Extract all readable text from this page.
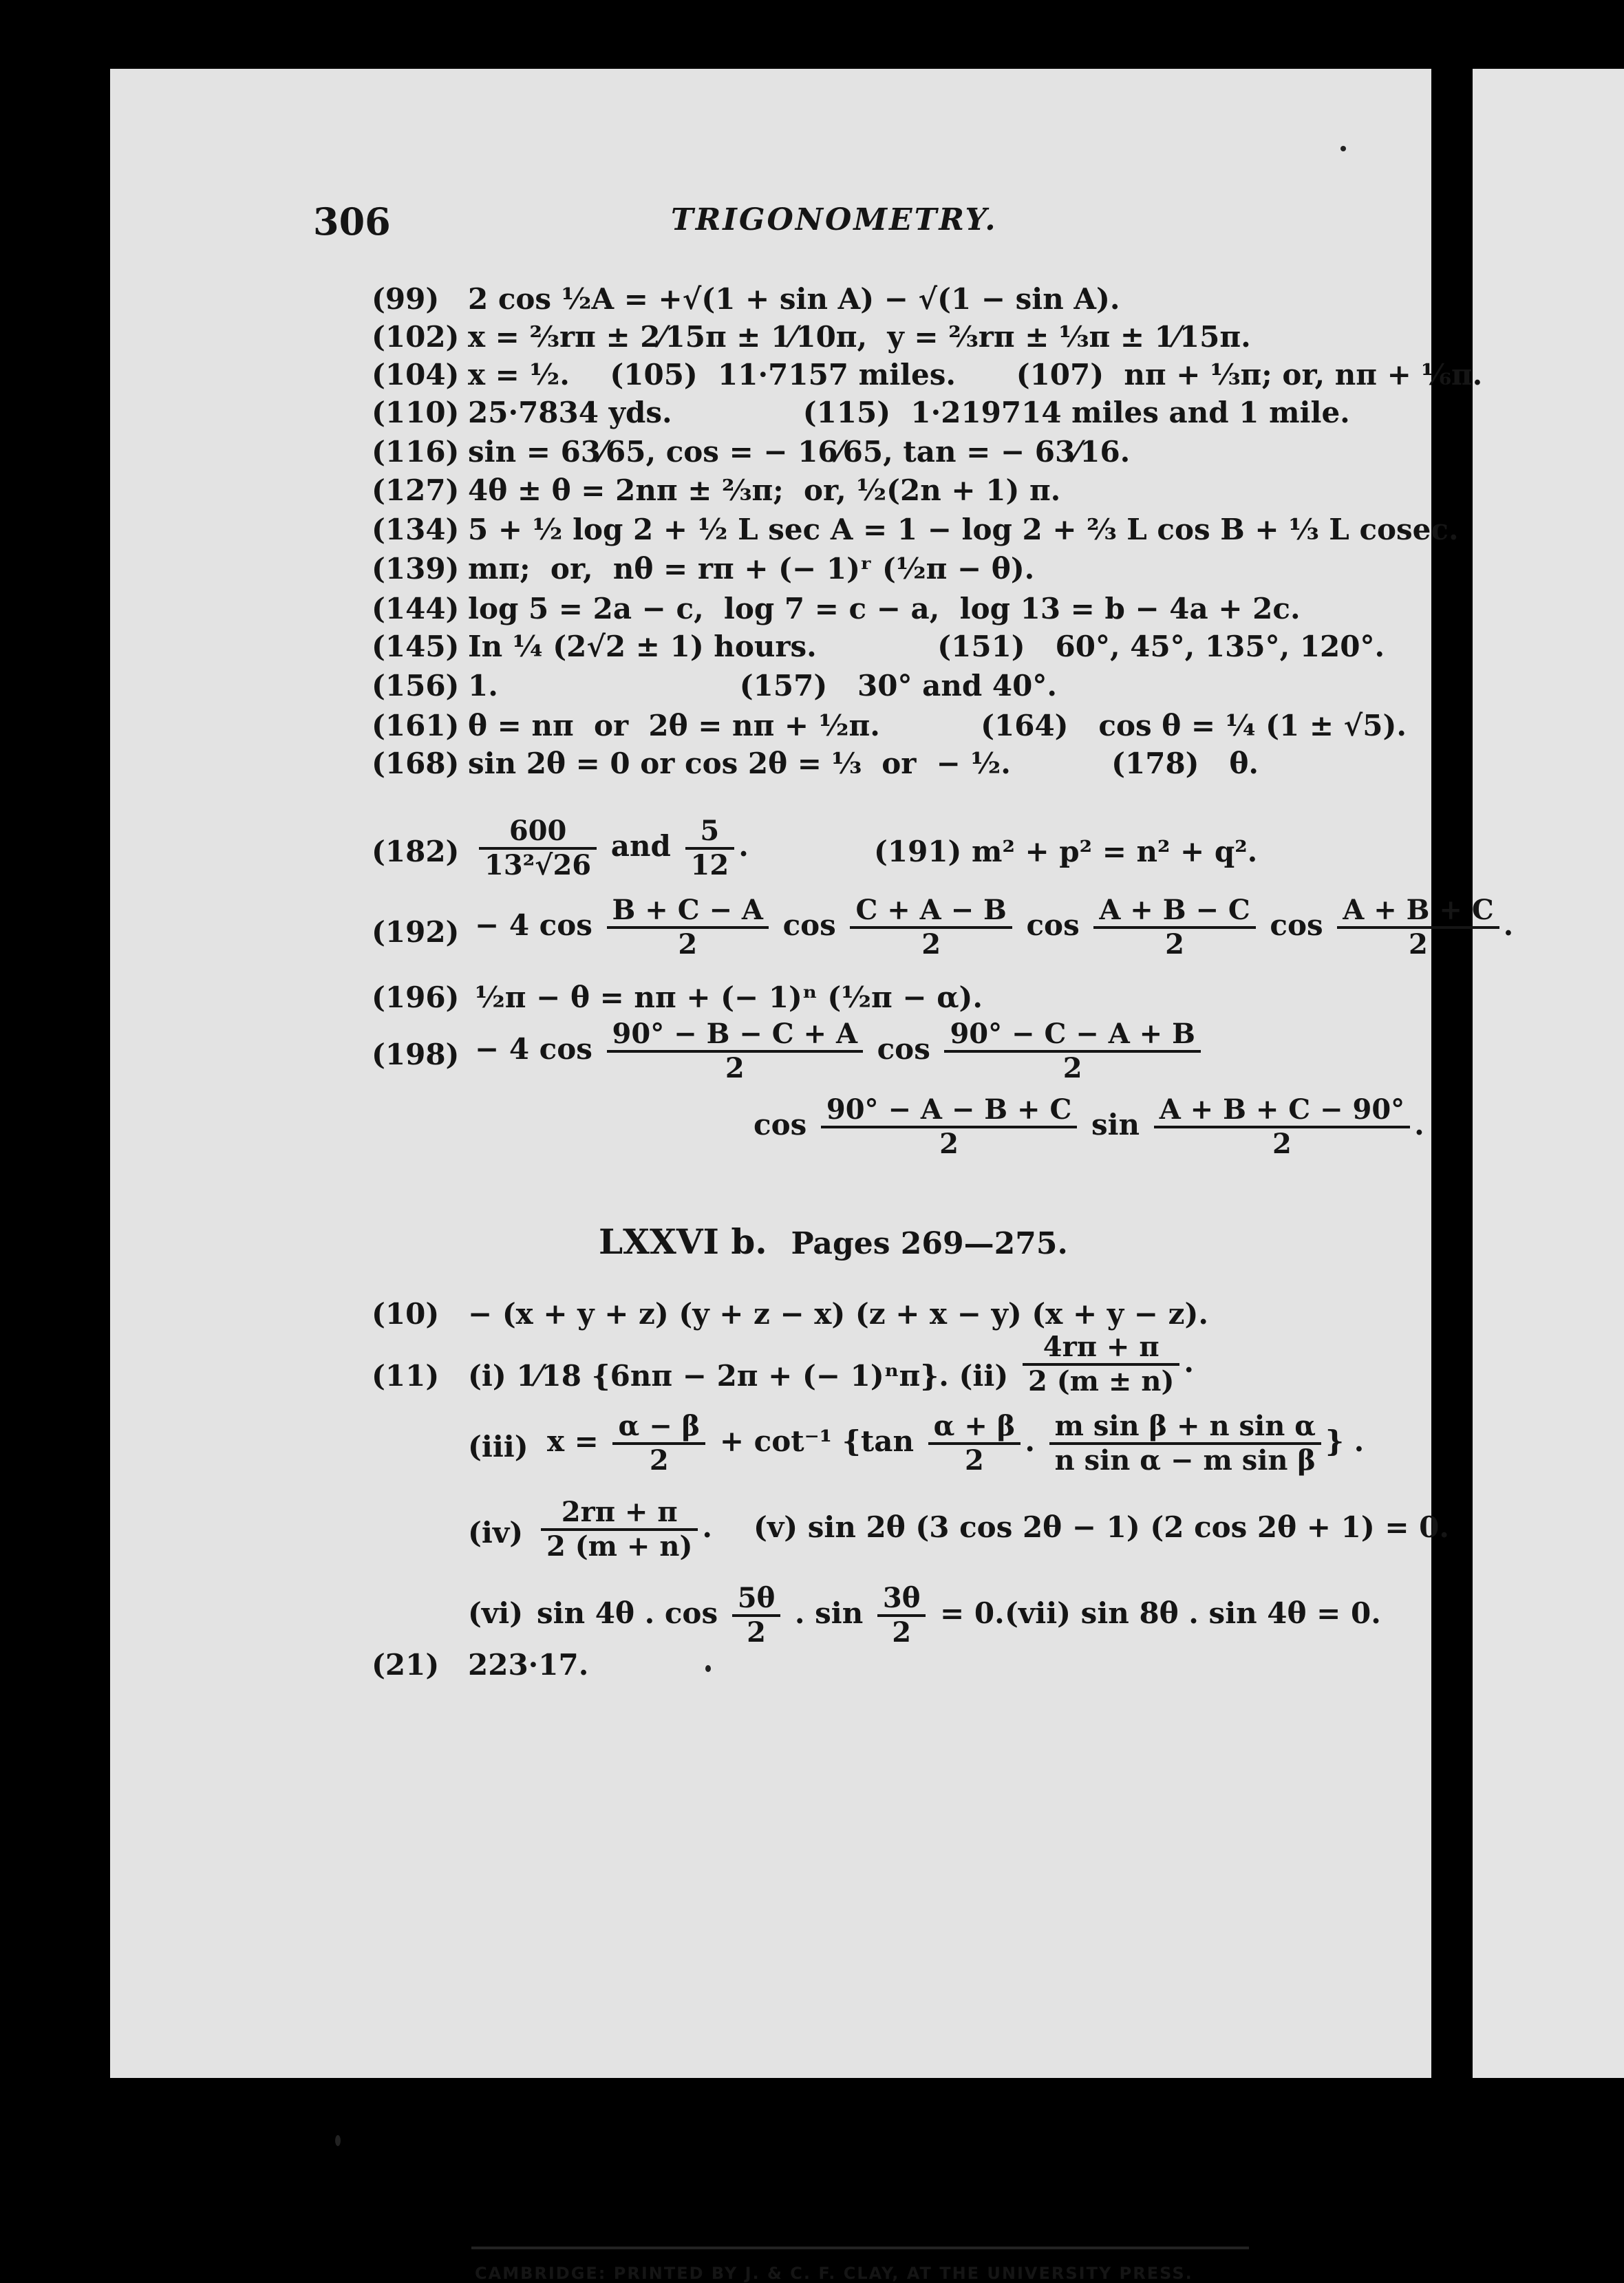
306	TRIGONOMETRY.
(99) 2 cos ½A = +√(1 + sin A) − √(1 − sin A).
(102) x = ⅔rπ ± 2⁄15π ± 1⁄10π,  y = ⅔rπ ± ⅓π ± 1⁄15π.
(104) x = ½.    (105)  11·7157 miles.      (107)  nπ + ⅓π; or, nπ + ⅙π.
(110) 25·7834 yds.             (115)  1·219714 miles and 1 mile.
(116) sin = 63⁄65, cos = − 16⁄65, tan = − 63⁄16.
(127) 4θ ± θ = 2nπ ± ⅔π;  or, ½(2n + 1) π.
(134) 5 + ½ log 2 + ½ L sec A = 1 − log 2 + ⅔ L cos B + ⅓ L cosec.
(139) mπ;  or,  nθ = rπ + (− 1)ʳ (½π − θ).
(144) log 5 = 2a − c,  log 7 = c − a,  log 13 = b − 4a + 2c.
(145) In ¼ (2√2 ± 1) hours.            (151)   60°, 45°, 135°, 120°.
(156) 1.                        (157)   30° and 40°.
(161) θ = nπ  or  2θ = nπ + ½π.          (164)   cos θ = ¼ (1 ± √5).
(168) sin 2θ = 0 or cos 2θ = ⅓  or  − ½.          (178)   θ.
$(182) \frac{600}{\text{13²√26}}$ and $\frac{5}{12}$ .	(191) m² + p² = n² + q².
(192) − 4 $\cos \frac{B + C - A}{2}$ $\cos \frac{C + A - B}{2}$ $\cos \frac{A + B - C}{2}$ $\cos \frac{A + B + C}{2}$ .
(196) ½π − θ = nπ + (− 1)ⁿ (½π − α).
(198) − 4 $\cos \frac{90^\circ - B - C + A}{2}$ $\cos \frac{90^\circ - C - A + B}{2}$
$\cos \frac{90^\circ - A - B + C}{2}$ $\sin \frac{A + B + C - 90^\circ}{2}$ .
LXXVI b. Pages 269—275.
(10) − (x + y + z) (y + z − x) (z + x − y) (x + y − z).
(11) (i) 1⁄18 {6nπ − 2π + (− 1)ⁿπ}. $(ii) \frac{4r\pi + \pi}{2 (m \pm n)}$ .
(iii) $x = \frac{\alpha - \beta}{2} + \cot^{-1}$ {$\tan \frac{\alpha + \beta}{2}$ . $\frac{\text{m sin β + n sin α}}{\text{n sin α − m sin β}}$ } .
$(iv) \frac{2r\pi + \pi}{2 (m + n)}$ . (v) sin 2θ (3 cos 2θ − 1) (2 cos 2θ + 1) = 0.
(vi) sin 4θ . $\cos \frac{5\theta}{2}$ . $\sin \frac{3\theta}{2} = 0$. (vii) sin 8θ . sin 4θ = 0.
(21) 223·17.
CAMBRIDGE: PRINTED BY J. & C. F. CLAY, AT THE UNIVERSITY PRESS.
